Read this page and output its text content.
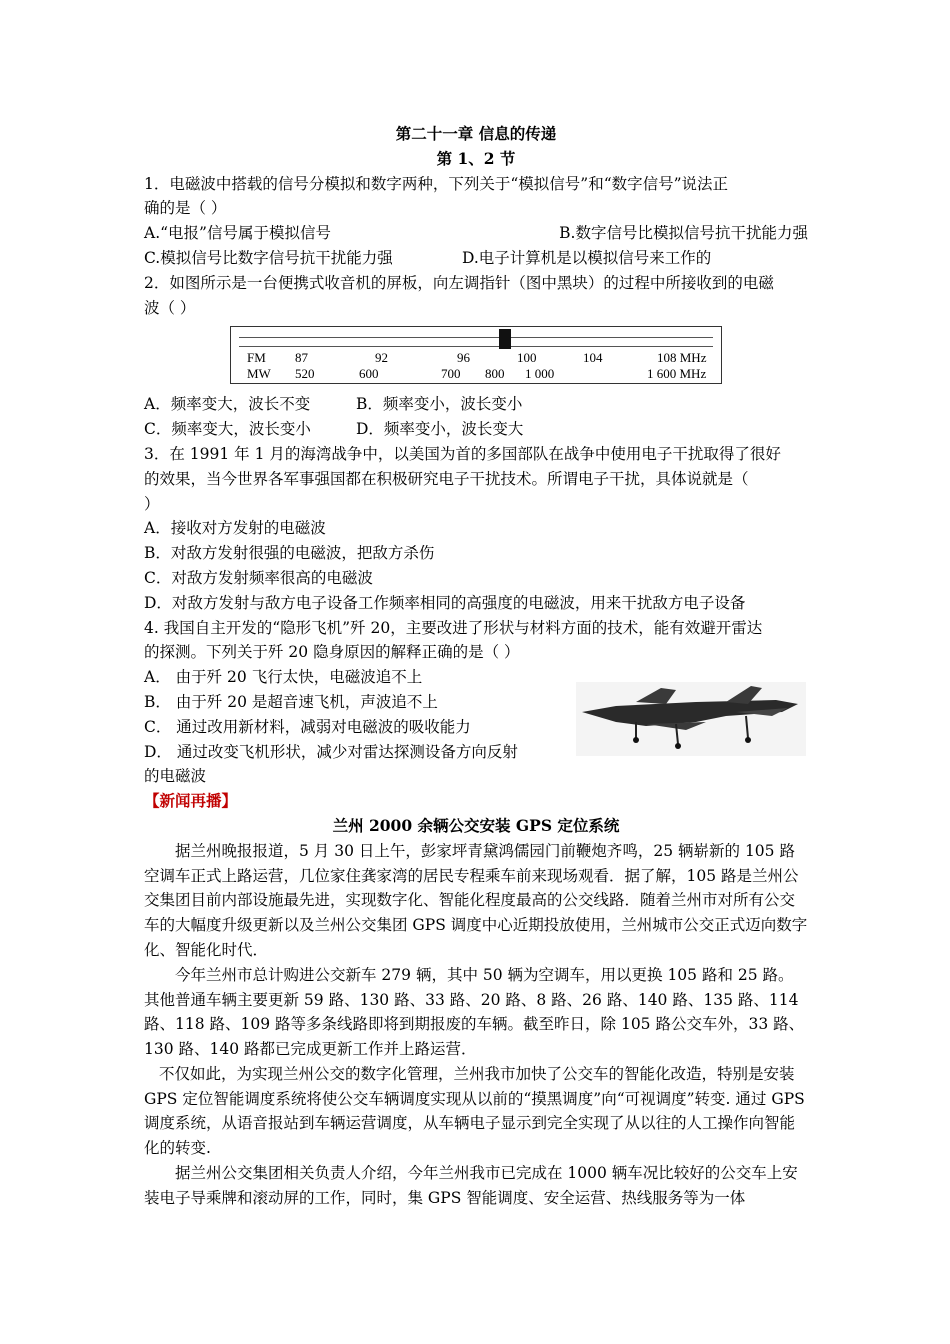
第二十一章 信息的传递

第 1、2 节

1．电磁波中搭载的信号分模拟和数字两种，下列关于“模拟信号”和“数字信号”说法正

确的是（ ）

A.“电报”信号属于模拟信号	B.数字信号比模拟信号抗干扰能力强
C.模拟信号比数字信号抗干扰能力强	D.电子计算机是以模拟信号来工作的

2．如图所示是一台便携式收音机的屏板，向左调指针（图中黑块）的过程中所接收到的电磁

波（ ）

FM
MW
87	92	96	100	104	108 MHz
520	600	700 800 1 000	1 600 MHz
A．频率变大，波长不变	B．频率变小，波长变小
C．频率变大，波长变小	D．频率变小，波长变大

3．在 1991 年 1 月的海湾战争中，以美国为首的多国部队在战争中使用电子干扰取得了很好

的效果，当今世界各军事强国都在积极研究电子干扰技术。所谓电子干扰，具体说就是（

）

A．接收对方发射的电磁波

B．对敌方发射很强的电磁波，把敌方杀伤

C．对敌方发射频率很高的电磁波

D．对敌方发射与敌方电子设备工作频率相同的高强度的电磁波，用来干扰敌方电子设备

4. 我国自主开发的“隐形飞机”歼 20，主要改进了形状与材料方面的技术，能有效避开雷达

的探测。下列关于歼 20 隐身原因的解释正确的是（ ）

A． 由于歼 20 飞行太快，电磁波追不上

B． 由于歼 20 是超音速飞机，声波追不上

C． 通过改用新材料，减弱对电磁波的吸收能力

D． 通过改变飞机形状，减少对雷达探测设备方向反射

的电磁波

【新闻再播】

兰州 2000 余辆公交安装 GPS 定位系统

据兰州晚报报道，5 月 30 日上午，彭家坪青黛鸿儒园门前鞭炮齐鸣，25 辆崭新的 105 路空调车正式上路运营，几位家住龚家湾的居民专程乘车前来现场观看．据了解，105 路是兰州公交集团目前内部设施最先进，实现数字化、智能化程度最高的公交线路．随着兰州市对所有公交车的大幅度升级更新以及兰州公交集团 GPS 调度中心近期投放使用，兰州城市公交正式迈向数字化、智能化时代．

今年兰州市总计购进公交新车 279 辆，其中 50 辆为空调车，用以更换 105 路和 25 路。其他普通车辆主要更新 59 路、130 路、33 路、20 路、8 路、26 路、140 路、135 路、114 路、118 路、109 路等多条线路即将到期报废的车辆。截至昨日，除 105 路公交车外，33 路、130 路、140 路都已完成更新工作并上路运营．

不仅如此，为实现兰州公交的数字化管理，兰州我市加快了公交车的智能化改造，特别是安装 GPS 定位智能调度系统将使公交车辆调度实现从以前的“摸黑调度”向“可视调度”转变. 通过 GPS 调度系统，从语音报站到车辆运营调度，从车辆电子显示到完全实现了从以往的人工操作向智能化的转变.

据兰州公交集团相关负责人介绍，今年兰州我市已完成在 1000 辆车况比较好的公交车上安装电子导乘牌和滚动屏的工作，同时，集 GPS 智能调度、安全运营、热线服务等为一体
